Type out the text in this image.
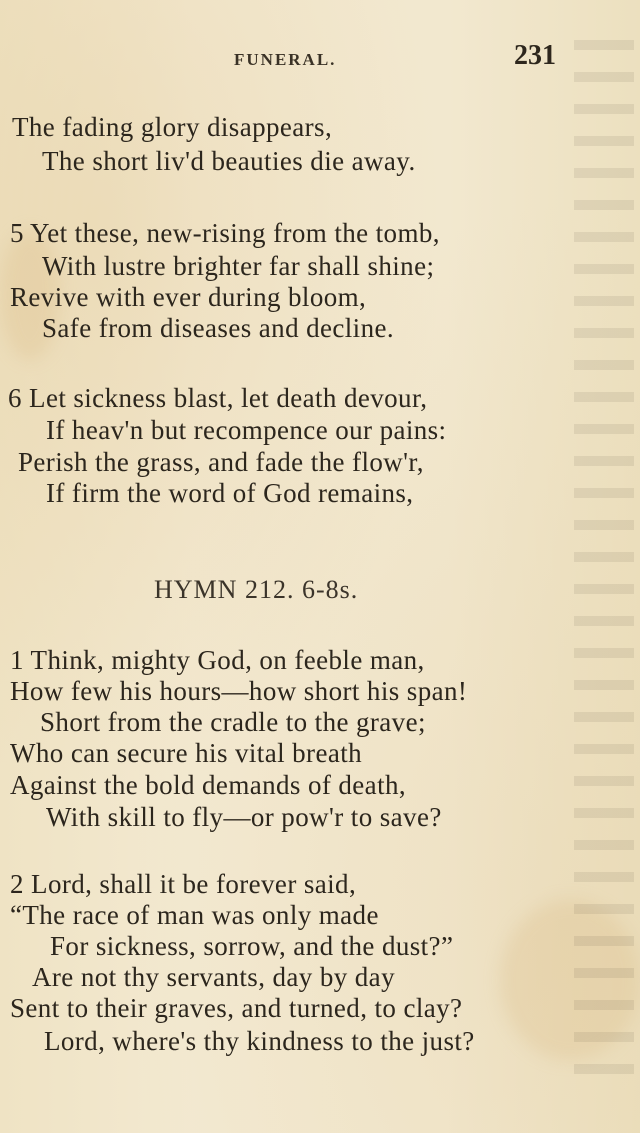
FUNERAL.	231
The fading glory disappears,
The short liv'd beauties die away.
5 Yet these, new-rising from the tomb,
With lustre brighter far shall shine;
Revive with ever during bloom,
Safe from diseases and decline.
6 Let sickness blast, let death devour,
If heav'n but recompence our pains:
Perish the grass, and fade the flow'r,
If firm the word of God remains,
HYMN 212. 6-8s.
1 Think, mighty God, on feeble man,
How few his hours—how short his span!
Short from the cradle to the grave;
Who can secure his vital breath
Against the bold demands of death,
With skill to fly—or pow'r to save?
2 Lord, shall it be forever said,
“The race of man was only made
For sickness, sorrow, and the dust?”
Are not thy servants, day by day
Sent to their graves, and turned, to clay?
Lord, where's thy kindness to the just?
